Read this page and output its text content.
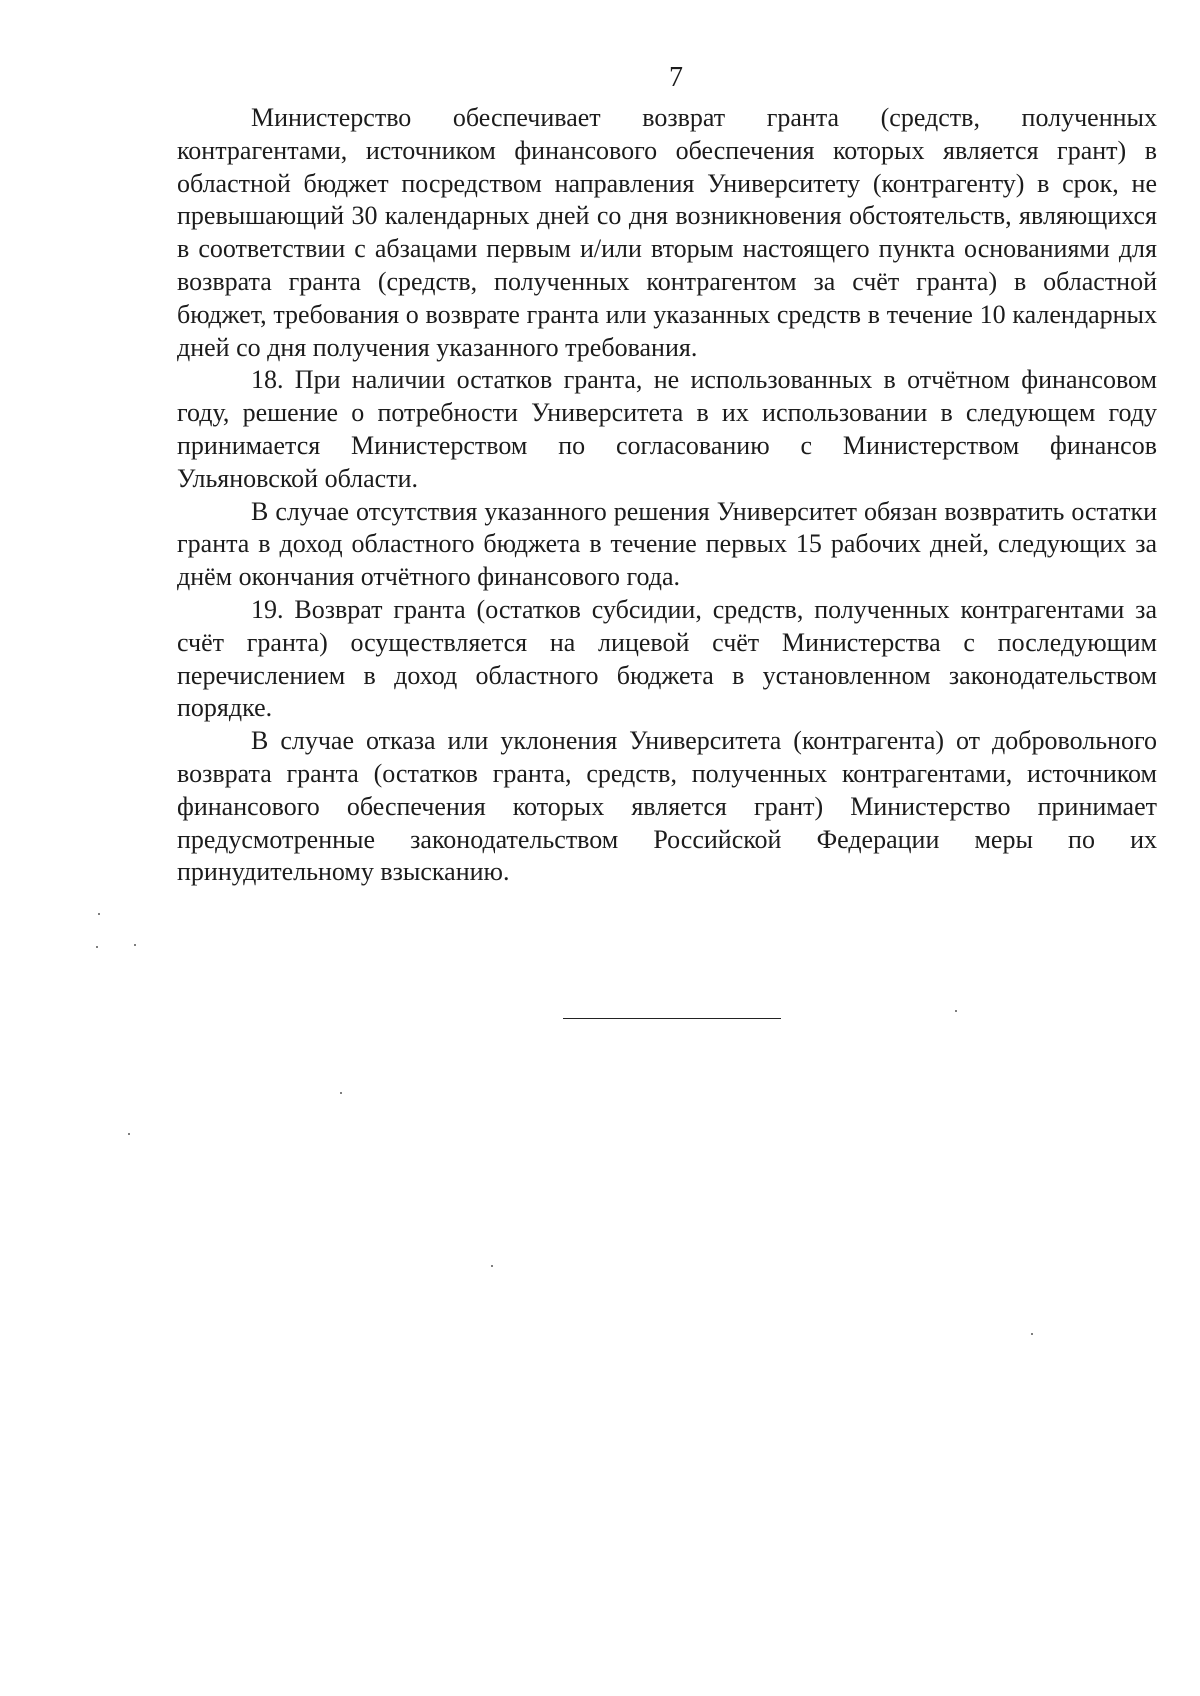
7

Министерство обеспечивает возврат гранта (средств, полученных контрагентами, источником финансового обеспечения которых является грант) в областной бюджет посредством направления Университету (контрагенту) в срок, не превышающий 30 календарных дней со дня возникновения обстоятельств, являющихся в соответствии с абзацами первым и/или вторым настоящего пункта основаниями для возврата гранта (средств, полученных контрагентом за счёт гранта) в областной бюджет, требования о возврате гранта или указанных средств в течение 10 календарных дней со дня получения указанного требования.

18. При наличии остатков гранта, не использованных в отчётном финансовом году, решение о потребности Университета в их использовании в следующем году принимается Министерством по согласованию с Министерством финансов Ульяновской области.

В случае отсутствия указанного решения Университет обязан возвратить остатки гранта в доход областного бюджета в течение первых 15 рабочих дней, следующих за днём окончания отчётного финансового года.

19. Возврат гранта (остатков субсидии, средств, полученных контрагентами за счёт гранта) осуществляется на лицевой счёт Министерства с последующим перечислением в доход областного бюджета в установленном законодательством порядке.

В случае отказа или уклонения Университета (контрагента) от добровольного возврата гранта (остатков гранта, средств, полученных контрагентами, источником финансового обеспечения которых является грант) Министерство принимает предусмотренные законодательством Российской Федерации меры по их принудительному взысканию.
